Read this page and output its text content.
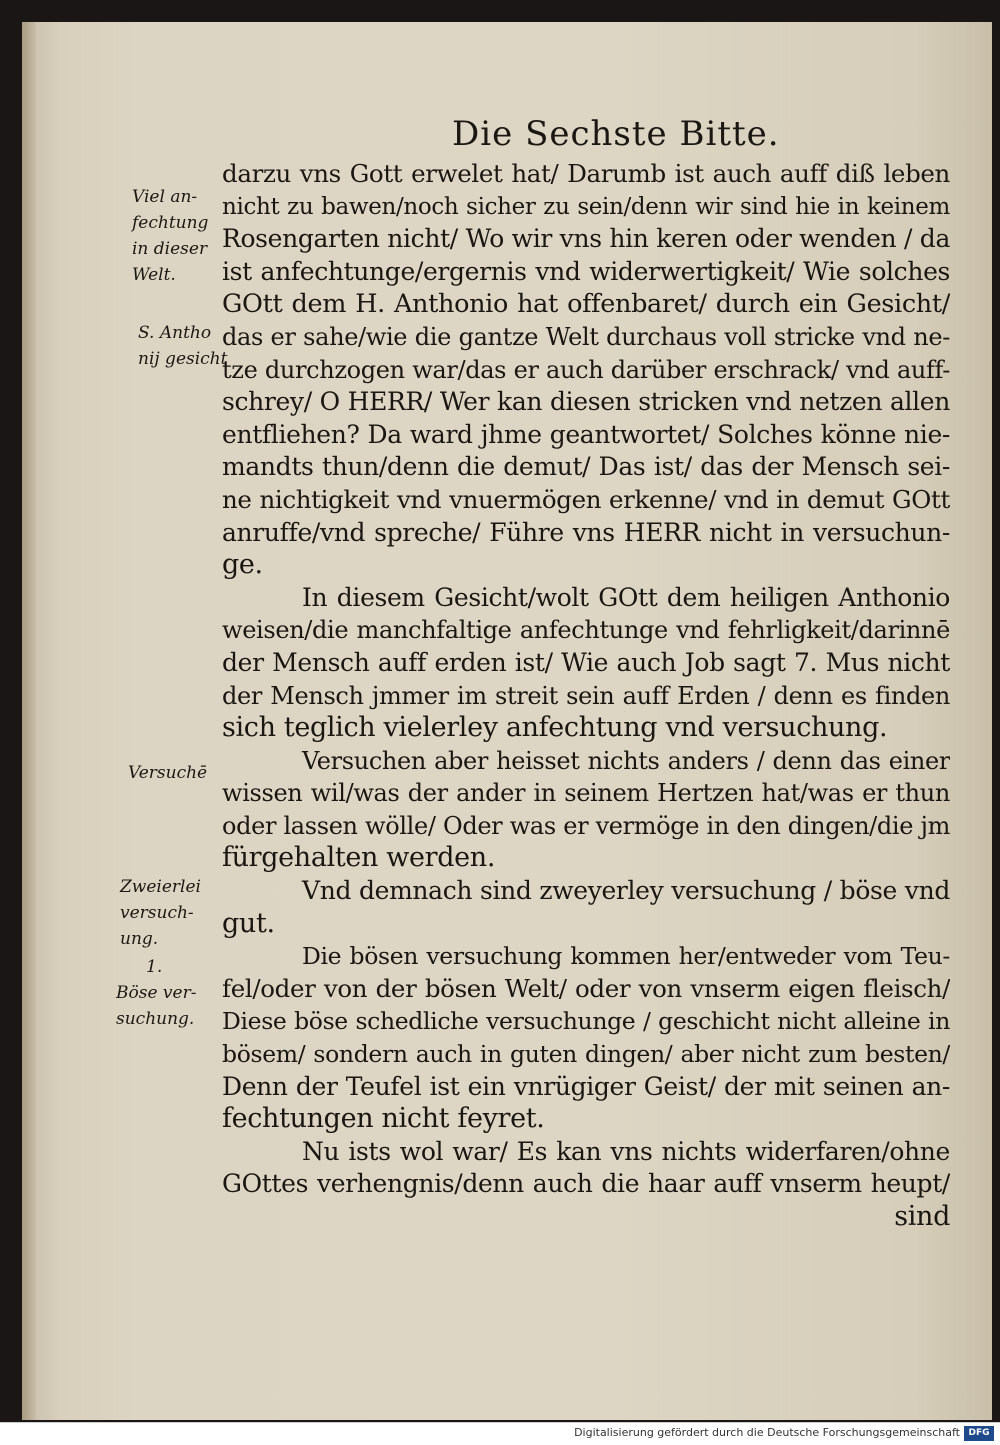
Die Sechste Bitte.
Viel an-
fechtung
in dieser
Welt.
S. Antho
nij gesicht
Versuchē
Zweierlei
versuch-
ung.
1.
Böse ver-
suchung.
darzu vns Gott erwelet hat/ Darumb ist auch auff diß leben
nicht zu bawen/noch sicher zu sein/denn wir sind hie in keinem
Rosengarten nicht/ Wo wir vns hin keren oder wenden / da
ist anfechtunge/ergernis vnd widerwertigkeit/ Wie solches
GOtt dem H. Anthonio hat offenbaret/ durch ein Gesicht/
das er sahe/wie die gantze Welt durchaus voll stricke vnd ne-
tze durchzogen war/das er auch darüber erschrack/ vnd auff-
schrey/ O HERR/ Wer kan diesen stricken vnd netzen allen
entfliehen? Da ward jhme geantwortet/ Solches könne nie-
mandts thun/denn die demut/ Das ist/ das der Mensch sei-
ne nichtigkeit vnd vnuermögen erkenne/ vnd in demut GOtt
anruffe/vnd spreche/ Führe vns HERR nicht in versuchun-
ge.
In diesem Gesicht/wolt GOtt dem heiligen Anthonio
weisen/die manchfaltige anfechtunge vnd fehrligkeit/darinnē
der Mensch auff erden ist/ Wie auch Job sagt 7. Mus nicht
der Mensch jmmer im streit sein auff Erden / denn es finden
sich teglich vielerley anfechtung vnd versuchung.
Versuchen aber heisset nichts anders / denn das einer
wissen wil/was der ander in seinem Hertzen hat/was er thun
oder lassen wölle/ Oder was er vermöge in den dingen/die jm
fürgehalten werden.
Vnd demnach sind zweyerley versuchung / böse vnd
gut.
Die bösen versuchung kommen her/entweder vom Teu-
fel/oder von der bösen Welt/ oder von vnserm eigen fleisch/
Diese böse schedliche versuchunge / geschicht nicht alleine in
bösem/ sondern auch in guten dingen/ aber nicht zum besten/
Denn der Teufel ist ein vnrügiger Geist/ der mit seinen an-
fechtungen nicht feyret.
Nu ists wol war/ Es kan vns nichts widerfaren/ohne
GOttes verhengnis/denn auch die haar auff vnserm heupt/
sind
Digitalisierung gefördert durch die Deutsche Forschungsgemeinschaft DFG
